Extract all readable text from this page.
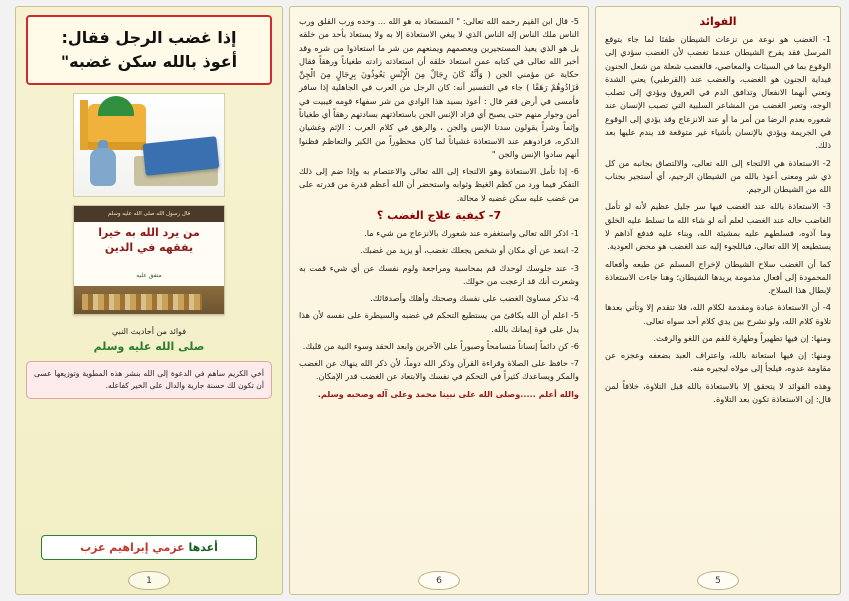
الفوائد

1- الغضب هو نوعة من نزعات الشيطان طفئا لما جاء بتوقع المرسل فقد يفرح الشيطان عندما تغضب لأن الغضب سؤدي إلى الوقوع بما في السيئات والمعاصي، فالغضب شعلة من شعل الجنون فيداية الجنون هو الغضب، والغضب عند (القرطبي) يعني الشدة وتعني أنهما الانفعال وتدافق الدم في العروق ويؤدي إلى تصلب الوجه، وتعبر الغضب من المشاعر السلبية التي تصيب الإنسان عند شعوره بعدم الرضا من أمر ما أو عند الانزعاج وقد يؤدي إلى الوقوع في الجريمة ويؤدي بالإنسان بأشياء غير متوقعة قد يندم عليها بعد ذلك.

2- الاستعاذة هي الالتجاء إلى الله تعالى، والالتصاق بجانبه من كل ذي شر ومعنى أعوذ بالله من الشيطان الرجيم، أي أستجير بجناب الله من الشيطان الرجيم.

3- الاستعاذة بالله عند الغضب فيها سر جليل عظيم لأنه لو تأمل الغاضب حاله عند الغضب لعلم أنه لو شاء الله ما تسلط عليه الخلق وما آذوه، فسلطهم عليه بمشيئة الله، وبناء عليه فدفع آذاهم لا يستطيعه إلا الله تعالى، فباللجوء إليه عند الغضب هو محض العودية.

كما أن الغضب سلاح الشيطان لإخراج المسلم عن طبعه وأفعاله المحمودة إلى أفعال مذمومة يريدها الشيطان؛ وهنا جاءت الاستعاذة لإبطال هذا السلاح.

4- أن الاستعاذة عبادة ومقدمة لكلام الله، فلا تتقدم إلا وتأتي بعدها تلاوة كلام الله، ولو نشرح بين يدي كلام أحد سواه تعالى.

ومنها: إن فيها تطهيراً وطهارة للفم من اللغو والرفث.

ومنها: إن فيها استعانة بالله، واعتراف العبد بضعفه وعجزه عن مقاومة عدوه، فيلجأ إلى مولاه ليجيره منه.

وهذه الفوائد لا يتحقق إلا بالاستعاذة بالله قبل التلاوة، خلافاً لمن قال: إن الاستعاذة تكون بعد التلاوة.

5

5- قال ابن القيم رحمه الله تعالى: " المستعاذ به هو الله ... وحده ورب القلق ورب الناس ملك الناس إله الناس الذي لا يبغي الاستعاذة إلا به ولا يستعاذ بأحد من خلقه بل هو الذي يعيذ المستجيرين ويعصمهم ويمنعهم من شر ما استعاذوا من شره وقد أخبر الله تعالى في كتابه عمن استعاذ خلقه أن استعاذته زادته طغياناً ورهقاً فقال حكاية عن مؤمني الجن ( وَأَنَّهُ كَانَ رِجَالٌ مِنَ الْإِنْسِ يَعُوذُونَ بِرِجَالٍ مِنَ الْجِنِّ فَزَادُوهُمْ رَهَقًا ) جاء في التفسير أنه: كان الرجل من العرب في الجاهلية إذا سافر فأمسى في أرض قفر قال : أعوذ بسيد هذا الوادي من شر سفهاء قومه فيبيت في أمن وجوار منهم حتى يصبح أي فزاد الإنس الجن باستعاذتهم بسادتهم رهقاً أي طغياناً وإثماً وشراً يقولون سدنا الإنس والجن ، والرهق في كلام العرب : الإثم وغشيان الذكره، فزادوهم عند الاستعاذة غشياناً لما كان محظوراً من الكبر والتعاظم فظنوا أنهم سادوا الإنس والجن "

6- إذا تأمل الاستعاذة وهو الالتجاء إلى الله تعالى والاعتصام به وإذا ضم إلى ذلك التفكر فيما ورد من كظم الغيظ وثوابه واستحضر أن الله أعظم قدرة من قدرته على من غضب عليه سكن غضبه لا محالة.

7- كيفية علاج الغضب ؟

1- اذكر الله تعالى واستغفره عند شعورك بالانزعاج من شيء ما.

2- ابتعد عن أي مكان أو شخص يجعلك تغضب، أو يزيد من غضبك.

3- عند جلوسك لوحدك قم بمحاسبة ومراجعة ولوم نفسك عن أي شيء قمت به وشعرت أنك قد ازعجت من حولك.

4- تذكر مساوئ الغضب على نفسك وصحتك وأهلك وأصدقائك.

5- اعلم أن الله يكافئ من يستطيع التحكم في غضبه والسيطرة على نفسه لأن هذا يدل على قوة إيمانك بالله.

6- كن دائماً إنساناً متسامحاً وصبوراً على الآخرين وابعد الحقد وسوء النية من قلبك.

7- حافظ على الصلاة وقراءة القرآن وذكر الله دوماً، لأن ذكر الله ينهاك عن الغضب والمكر ويساعدك كثيراً في التحكم في نفسك والابتعاد عن الغضب قدر الإمكان.

والله أعلم .....وصلى الله على نبينا محمد وعلى آله وصحبه وسلم.

6
إذا غضب الرجل فقال:
أعوذ بالله سكن غضبه"
قال رسول الله صلى الله عليه وسلم
من يرد الله به خيرا يفقهه في الدين
متفق عليه
فوائد من أحاديث النبي
صلى الله عليه وسلم
أخي الكريم ساهم في الدعوة إلى الله بنشر هذه المطوية وتوزيعها عسى أن تكون لك حسنة جارية والدال على الخير كفاعله.
أعدها عزمي إبراهيم عزب
1
